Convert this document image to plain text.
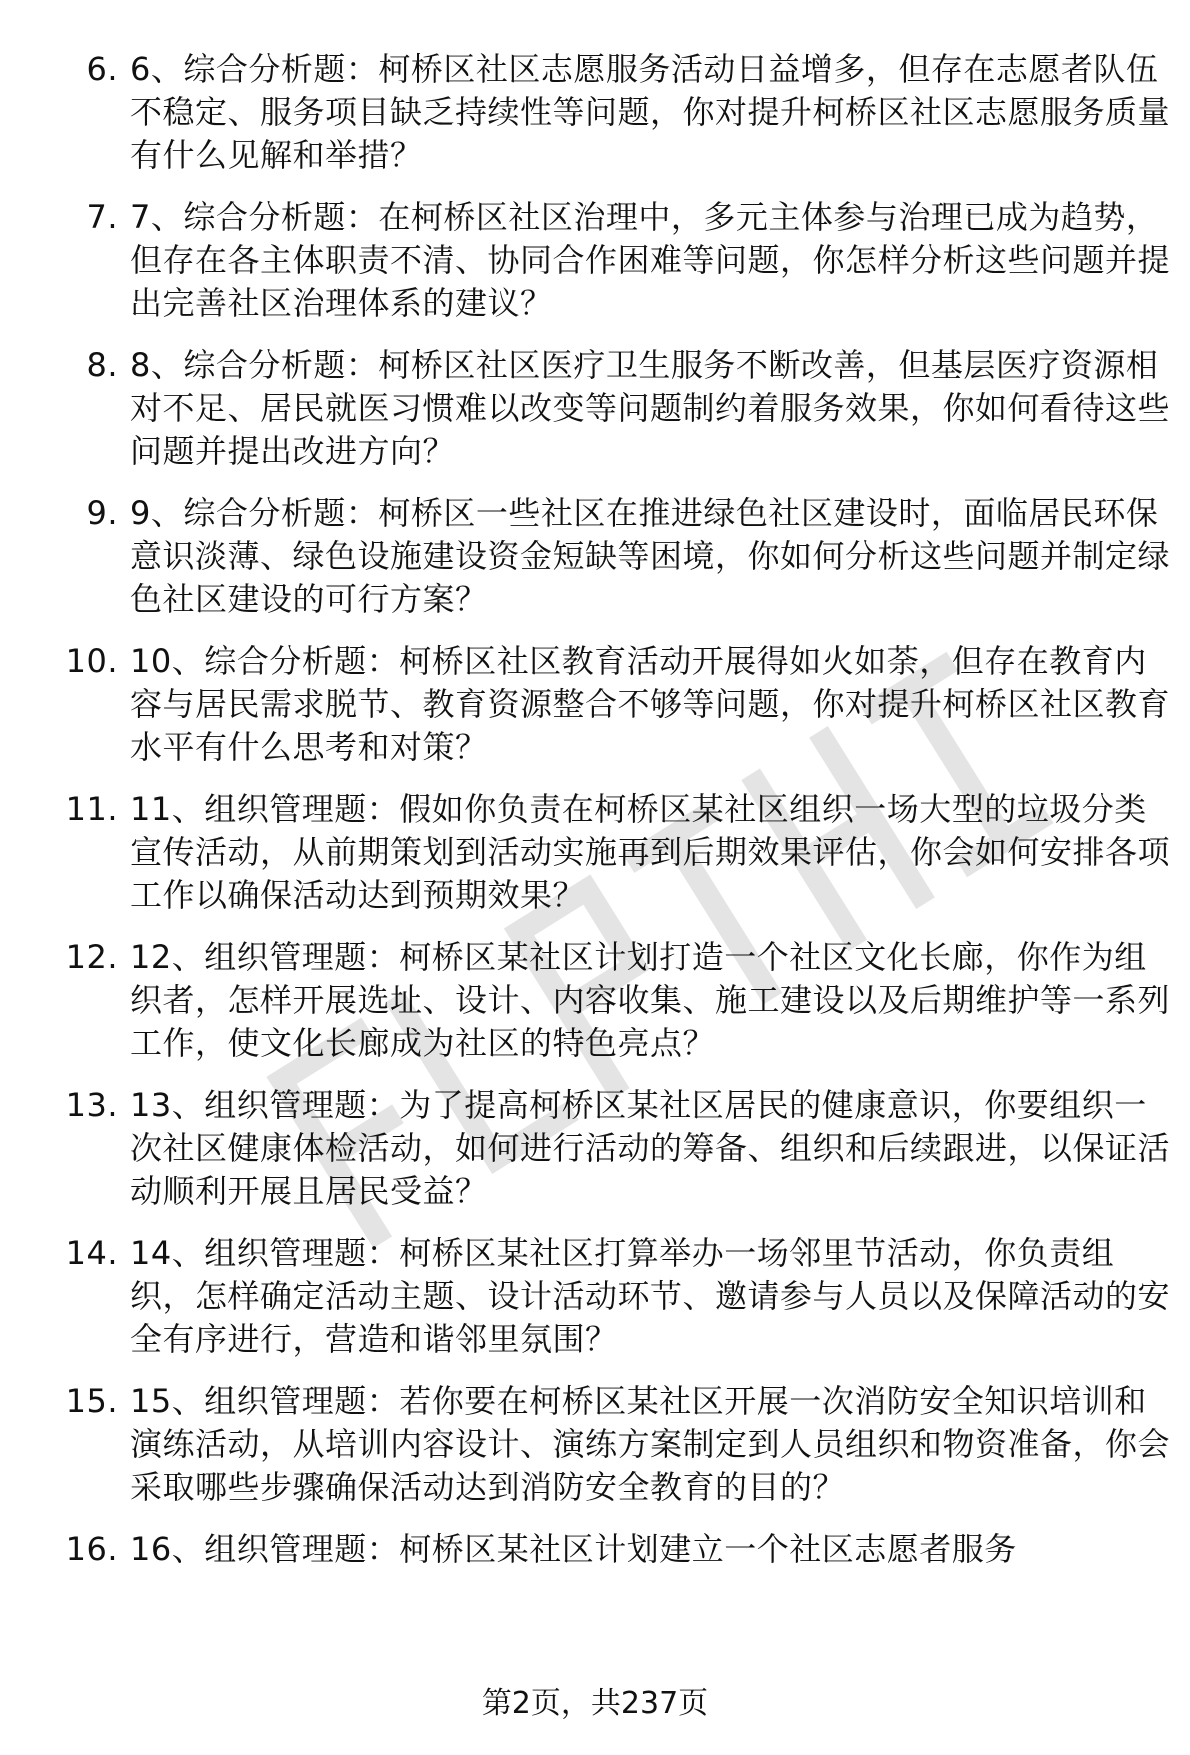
6. 6、综合分析题：柯桥区社区志愿服务活动日益增多，但存在志愿者队伍不稳定、服务项目缺乏持续性等问题，你对提升柯桥区社区志愿服务质量有什么见解和举措？
7. 7、综合分析题：在柯桥区社区治理中，多元主体参与治理已成为趋势，但存在各主体职责不清、协同合作困难等问题，你怎样分析这些问题并提出完善社区治理体系的建议？
8. 8、综合分析题：柯桥区社区医疗卫生服务不断改善，但基层医疗资源相对不足、居民就医习惯难以改变等问题制约着服务效果，你如何看待这些问题并提出改进方向？
9. 9、综合分析题：柯桥区一些社区在推进绿色社区建设时，面临居民环保意识淡薄、绿色设施建设资金短缺等困境，你如何分析这些问题并制定绿色社区建设的可行方案？
10. 10、综合分析题：柯桥区社区教育活动开展得如火如荼，但存在教育内容与居民需求脱节、教育资源整合不够等问题，你对提升柯桥区社区教育水平有什么思考和对策？
11. 11、组织管理题：假如你负责在柯桥区某社区组织一场大型的垃圾分类宣传活动，从前期策划到活动实施再到后期效果评估，你会如何安排各项工作以确保活动达到预期效果？
12. 12、组织管理题：柯桥区某社区计划打造一个社区文化长廊，你作为组织者，怎样开展选址、设计、内容收集、施工建设以及后期维护等一系列工作，使文化长廊成为社区的特色亮点？
13. 13、组织管理题：为了提高柯桥区某社区居民的健康意识，你要组织一次社区健康体检活动，如何进行活动的筹备、组织和后续跟进，以保证活动顺利开展且居民受益？
14. 14、组织管理题：柯桥区某社区打算举办一场邻里节活动，你负责组织，怎样确定活动主题、设计活动环节、邀请参与人员以及保障活动的安全有序进行，营造和谐邻里氛围？
15. 15、组织管理题：若你要在柯桥区某社区开展一次消防安全知识培训和演练活动，从培训内容设计、演练方案制定到人员组织和物资准备，你会采取哪些步骤确保活动达到消防安全教育的目的？
16. 16、组织管理题：柯桥区某社区计划建立一个社区志愿者服务
第2页，共237页
